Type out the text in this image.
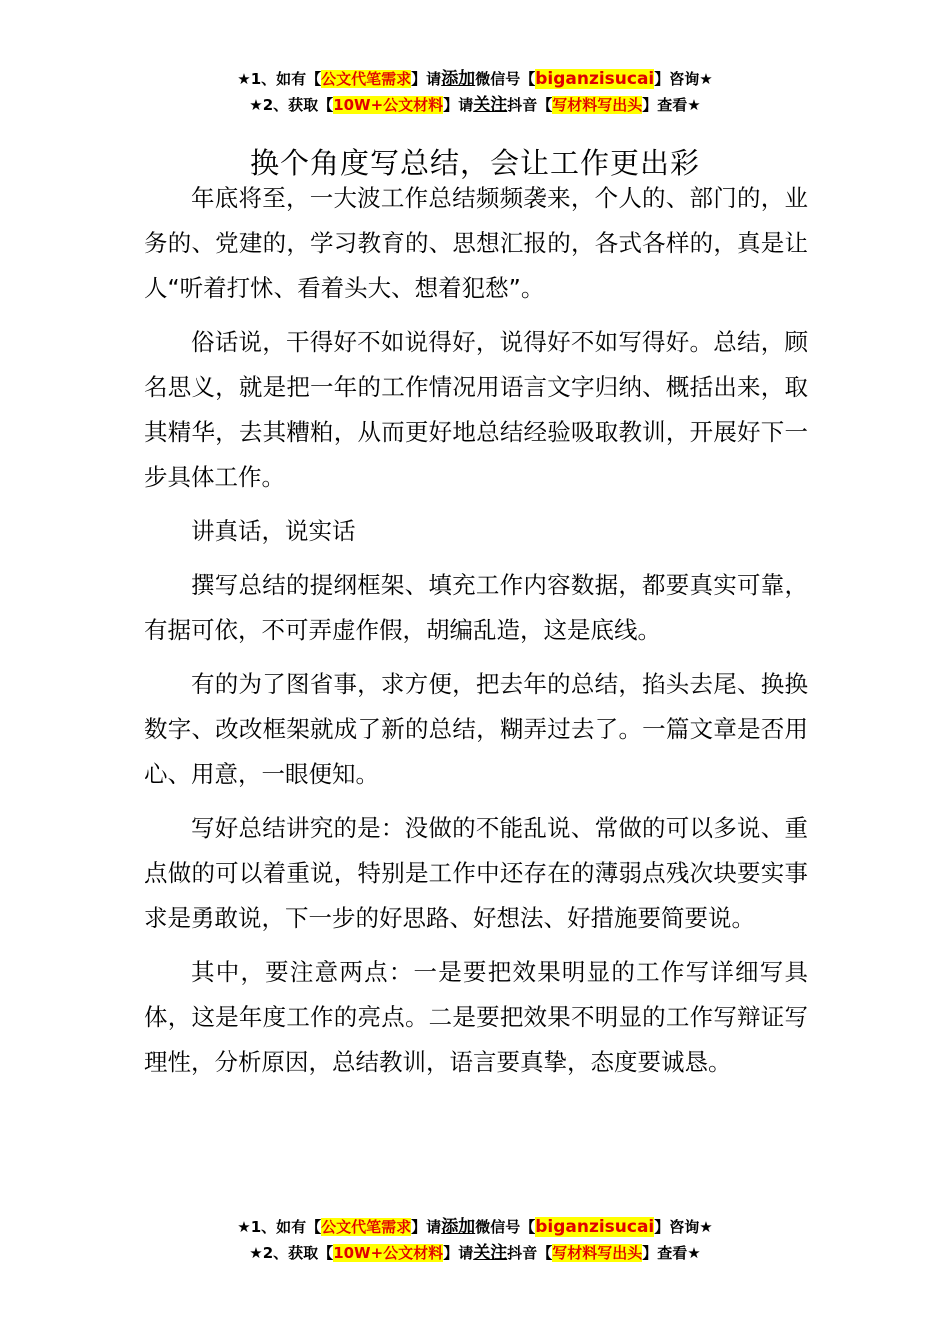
★1、如有【公文代笔需求】请添加微信号【biganzisucai】咨询★
★2、获取【10W+公文材料】请关注抖音【写材料写出头】查看★
换个角度写总结，会让工作更出彩

年底将至，一大波工作总结频频袭来，个人的、部门的，业务的、党建的，学习教育的、思想汇报的，各式各样的，真是让人“听着打怵、看着头大、想着犯愁”。

俗话说，干得好不如说得好，说得好不如写得好。总结，顾名思义，就是把一年的工作情况用语言文字归纳、概括出来，取其精华，去其糟粕，从而更好地总结经验吸取教训，开展好下一步具体工作。

讲真话，说实话

撰写总结的提纲框架、填充工作内容数据，都要真实可靠，有据可依，不可弄虚作假，胡编乱造，这是底线。

有的为了图省事，求方便，把去年的总结，掐头去尾、换换数字、改改框架就成了新的总结，糊弄过去了。一篇文章是否用心、用意，一眼便知。

写好总结讲究的是：没做的不能乱说、常做的可以多说、重点做的可以着重说，特别是工作中还存在的薄弱点残次块要实事求是勇敢说，下一步的好思路、好想法、好措施要简要说。

其中，要注意两点：一是要把效果明显的工作写详细写具体，这是年度工作的亮点。二是要把效果不明显的工作写辩证写理性，分析原因，总结教训，语言要真挚，态度要诚恳。

★1、如有【公文代笔需求】请添加微信号【biganzisucai】咨询★
★2、获取【10W+公文材料】请关注抖音【写材料写出头】查看★
